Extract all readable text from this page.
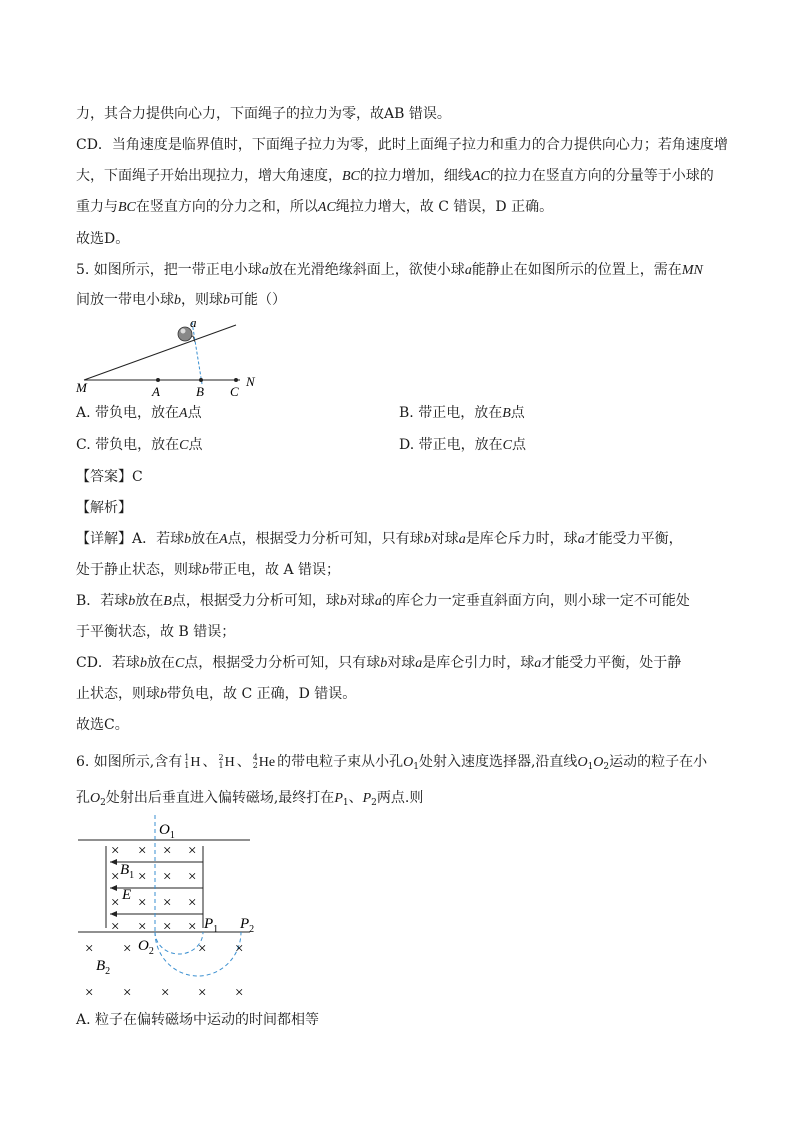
力，其合力提供向心力，下面绳子的拉力为零，故AB 错误。
CD．当角速度是临界值时，下面绳子拉力为零，此时上面绳子拉力和重力的合力提供向心力；若角速度增
大，下面绳子开始出现拉力，增大角速度，BC的拉力增加，细线AC的拉力在竖直方向的分量等于小球的
重力与BC在竖直方向的分力之和，所以AC绳拉力增大，故 C 错误，D 正确。
故选D。
5. 如图所示，把一带正电小球a放在光滑绝缘斜面上，欲使小球a能静止在如图所示的位置上，需在MN
间放一带电小球b，则球b可能（）
a
M	A	B C
N
A. 带负电，放在A点	B. 带正电，放在B点
C. 带负电，放在C点	D. 带正电，放在C点
【答案】C
【解析】
【详解】A．若球b放在A点，根据受力分析可知，只有球b对球a是库仑斥力时，球a才能受力平衡，
处于静止状态，则球b带正电，故 A 错误；
B．若球b放在B点，根据受力分析可知，球b对球a的库仑力一定垂直斜面方向，则小球一定不可能处
于平衡状态，故 B 错误；
CD．若球b放在C点，根据受力分析可知，只有球b对球a是库仑引力时，球a才能受力平衡，处于静
止状态，则球b带负电，故 C 正确，D 错误。
故选C。
6. 如图所示,含有 1
1 H 、 2
1 H 、 4
2 He 的带电粒子束从小孔$O_1$处射入速度选择器,沿直线$O_1O_2$运动的粒子在小
孔$O_2$处射出后垂直进入偏转磁场,最终打在$P_1$、$P_2$两点.则
× × × ×
× × × ×
× × × ×
× × × ×
×	× ×
×
× × × × ×
$O_1$
$B_1$
E
$P_1$ $P_2$
$O_2$
$B_2$
A. 粒子在偏转磁场中运动的时间都相等
